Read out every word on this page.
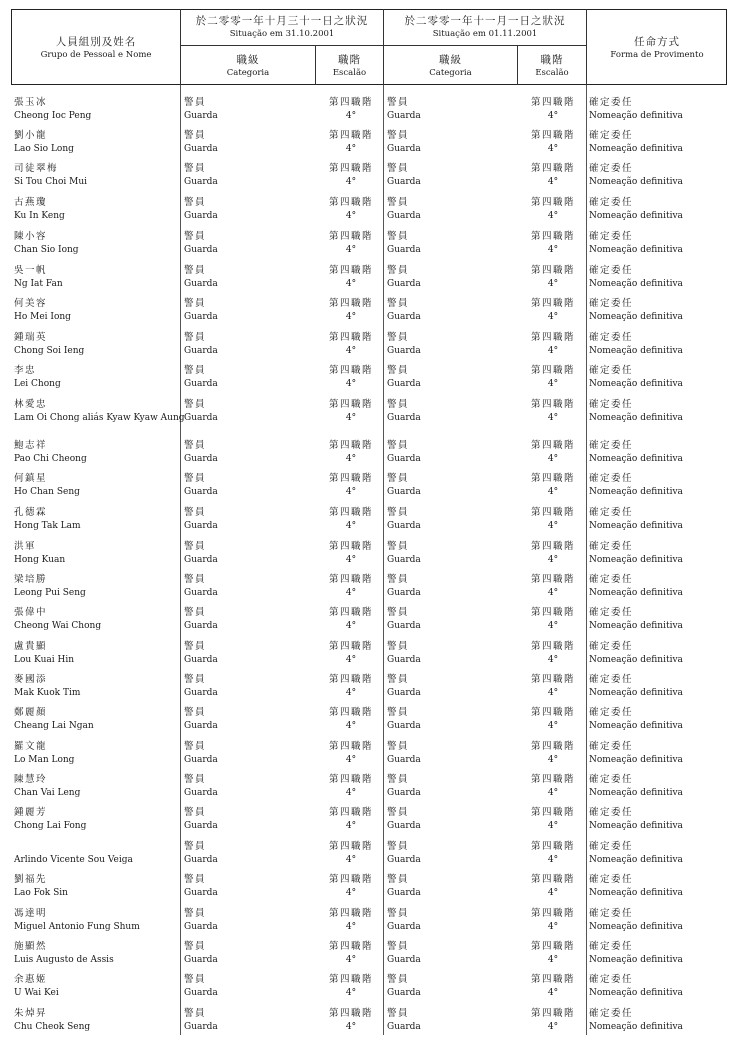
人員組別及姓名
Grupo de Pessoal e Nome
於二零零一年十月三十一日之狀況
Situação em 31.10.2001
於二零零一年十一月一日之狀況
Situação em 01.11.2001
職級
Categoria
職階
Escalão
職級
Categoria
職階
Escalão
任命方式
Forma de Provimento
張玉冰
Cheong Ioc Peng
警員
Guarda
第四職階
4°
警員
Guarda
第四職階
4°
確定委任
Nomeação definitiva
劉小龍
Lao Sio Long
警員
Guarda
第四職階
4°
警員
Guarda
第四職階
4°
確定委任
Nomeação definitiva
司徒翠梅
Si Tou Choi Mui
警員
Guarda
第四職階
4°
警員
Guarda
第四職階
4°
確定委任
Nomeação definitiva
古燕瓊
Ku In Keng
警員
Guarda
第四職階
4°
警員
Guarda
第四職階
4°
確定委任
Nomeação definitiva
陳小容
Chan Sio Iong
警員
Guarda
第四職階
4°
警員
Guarda
第四職階
4°
確定委任
Nomeação definitiva
吳一帆
Ng Iat Fan
警員
Guarda
第四職階
4°
警員
Guarda
第四職階
4°
確定委任
Nomeação definitiva
何美容
Ho Mei Iong
警員
Guarda
第四職階
4°
警員
Guarda
第四職階
4°
確定委任
Nomeação definitiva
鍾瑞英
Chong Soi Ieng
警員
Guarda
第四職階
4°
警員
Guarda
第四職階
4°
確定委任
Nomeação definitiva
李忠
Lei Chong
警員
Guarda
第四職階
4°
警員
Guarda
第四職階
4°
確定委任
Nomeação definitiva
林愛忠
Lam Oi Chong aliás Kyaw Kyaw Aung
警員
Guarda
第四職階
4°
警員
Guarda
第四職階
4°
確定委任
Nomeação definitiva
鮑志祥
Pao Chi Cheong
警員
Guarda
第四職階
4°
警員
Guarda
第四職階
4°
確定委任
Nomeação definitiva
何鎮星
Ho Chan Seng
警員
Guarda
第四職階
4°
警員
Guarda
第四職階
4°
確定委任
Nomeação definitiva
孔德霖
Hong Tak Lam
警員
Guarda
第四職階
4°
警員
Guarda
第四職階
4°
確定委任
Nomeação definitiva
洪軍
Hong Kuan
警員
Guarda
第四職階
4°
警員
Guarda
第四職階
4°
確定委任
Nomeação definitiva
梁培勝
Leong Pui Seng
警員
Guarda
第四職階
4°
警員
Guarda
第四職階
4°
確定委任
Nomeação definitiva
張偉中
Cheong Wai Chong
警員
Guarda
第四職階
4°
警員
Guarda
第四職階
4°
確定委任
Nomeação definitiva
盧貴顯
Lou Kuai Hin
警員
Guarda
第四職階
4°
警員
Guarda
第四職階
4°
確定委任
Nomeação definitiva
麥國添
Mak Kuok Tim
警員
Guarda
第四職階
4°
警員
Guarda
第四職階
4°
確定委任
Nomeação definitiva
鄭麗顏
Cheang Lai Ngan
警員
Guarda
第四職階
4°
警員
Guarda
第四職階
4°
確定委任
Nomeação definitiva
羅文龍
Lo Man Long
警員
Guarda
第四職階
4°
警員
Guarda
第四職階
4°
確定委任
Nomeação definitiva
陳慧玲
Chan Vai Leng
警員
Guarda
第四職階
4°
警員
Guarda
第四職階
4°
確定委任
Nomeação definitiva
鍾麗芳
Chong Lai Fong
警員
Guarda
第四職階
4°
警員
Guarda
第四職階
4°
確定委任
Nomeação definitiva
Arlindo Vicente Sou Veiga
警員
Guarda
第四職階
4°
警員
Guarda
第四職階
4°
確定委任
Nomeação definitiva
劉福先
Lao Fok Sin
警員
Guarda
第四職階
4°
警員
Guarda
第四職階
4°
確定委任
Nomeação definitiva
馮達明
Miguel Antonio Fung Shum
警員
Guarda
第四職階
4°
警員
Guarda
第四職階
4°
確定委任
Nomeação definitiva
施顯然
Luis Augusto de Assis
警員
Guarda
第四職階
4°
警員
Guarda
第四職階
4°
確定委任
Nomeação definitiva
余惠姬
U Wai Kei
警員
Guarda
第四職階
4°
警員
Guarda
第四職階
4°
確定委任
Nomeação definitiva
朱焯昇
Chu Cheok Seng
警員
Guarda
第四職階
4°
警員
Guarda
第四職階
4°
確定委任
Nomeação definitiva
